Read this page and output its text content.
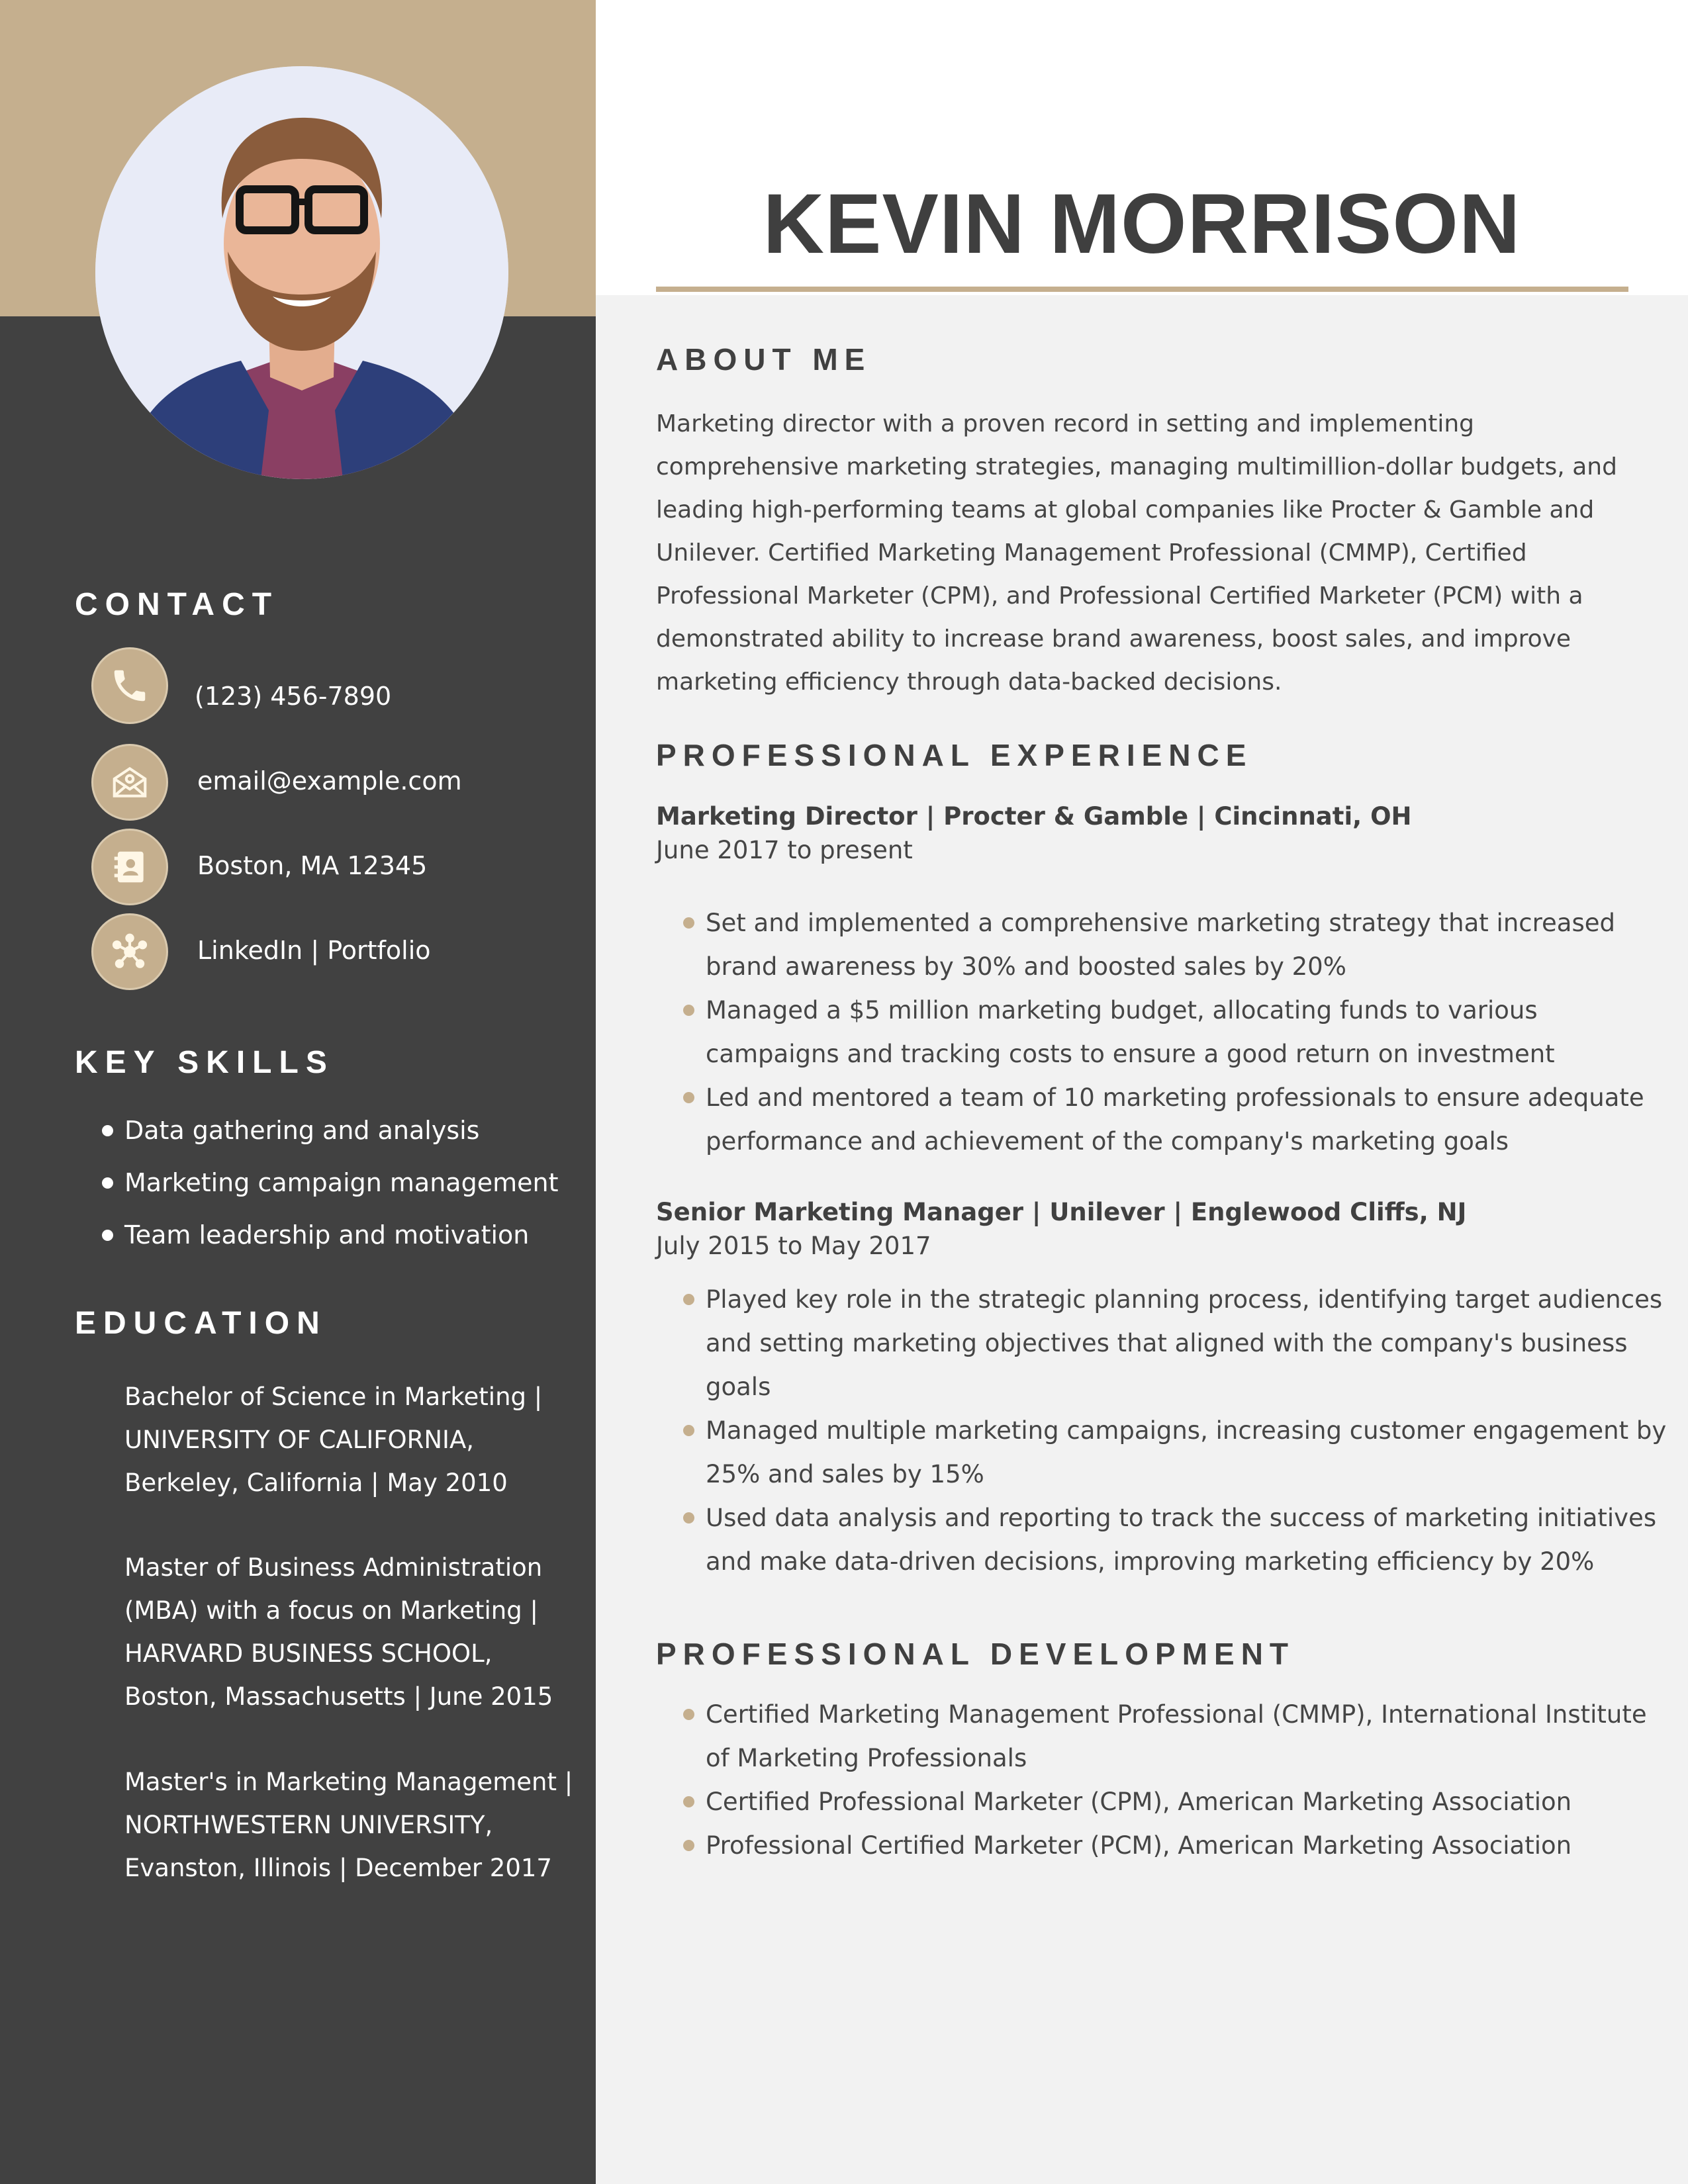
CONTACT
(123) 456-7890
email@example.com
Boston, MA 12345
LinkedIn | Portfolio
KEY SKILLS
Data gathering and analysis
Marketing campaign management
Team leadership and motivation
EDUCATION
Bachelor of Science in Marketing |
UNIVERSITY OF CALIFORNIA,
Berkeley, California | May 2010
Master of Business Administration
(MBA) with a focus on Marketing |
HARVARD BUSINESS SCHOOL,
Boston, Massachusetts | June 2015
Master's in Marketing Management |
NORTHWESTERN UNIVERSITY,
Evanston, Illinois | December 2017
KEVIN MORRISON
ABOUT ME
Marketing director with a proven record in setting and implementing
comprehensive marketing strategies, managing multimillion-dollar budgets, and
leading high-performing teams at global companies like Procter & Gamble and
Unilever. Certified Marketing Management Professional (CMMP), Certified
Professional Marketer (CPM), and Professional Certified Marketer (PCM) with a
demonstrated ability to increase brand awareness, boost sales, and improve
marketing efficiency through data-backed decisions.
PROFESSIONAL EXPERIENCE
Marketing Director | Procter & Gamble | Cincinnati, OH
June 2017 to present
Set and implemented a comprehensive marketing strategy that increased
brand awareness by 30% and boosted sales by 20%
Managed a $5 million marketing budget, allocating funds to various
campaigns and tracking costs to ensure a good return on investment
Led and mentored a team of 10 marketing professionals to ensure adequate
performance and achievement of the company's marketing goals
Senior Marketing Manager | Unilever | Englewood Cliffs, NJ
July 2015 to May 2017
Played key role in the strategic planning process, identifying target audiences
and setting marketing objectives that aligned with the company's business
goals
Managed multiple marketing campaigns, increasing customer engagement by
25% and sales by 15%
Used data analysis and reporting to track the success of marketing initiatives
and make data-driven decisions, improving marketing efficiency by 20%
PROFESSIONAL DEVELOPMENT
Certified Marketing Management Professional (CMMP), International Institute
of Marketing Professionals
Certified Professional Marketer (CPM), American Marketing Association
Professional Certified Marketer (PCM), American Marketing Association
